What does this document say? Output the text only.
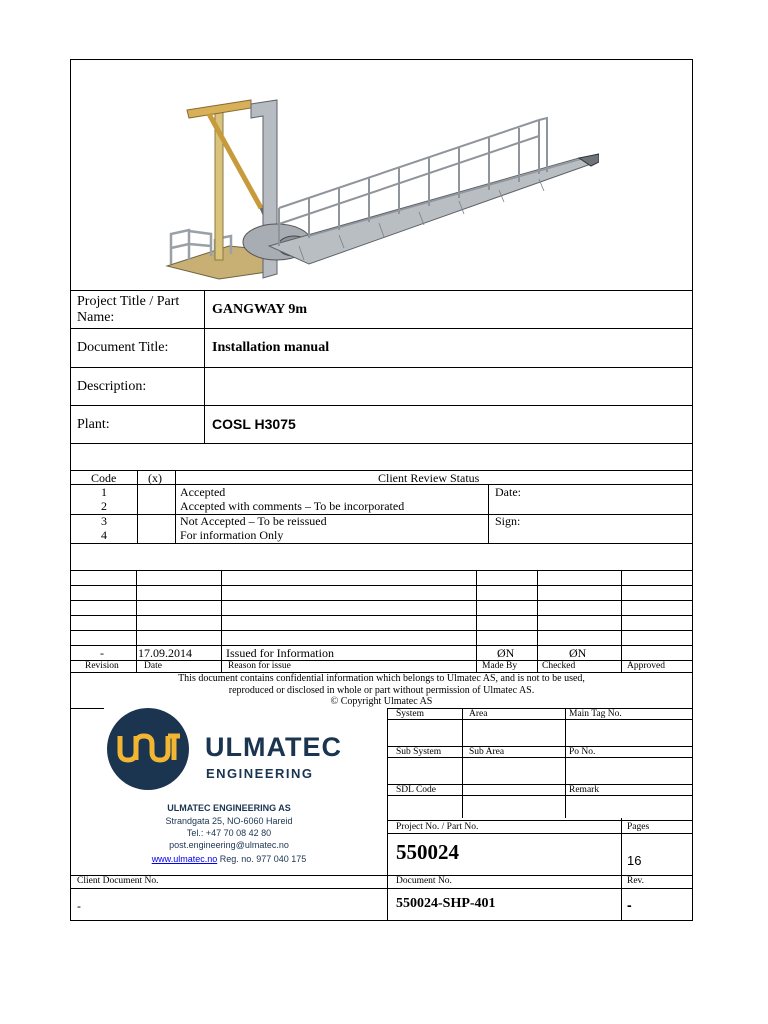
Project Title / Part Name:
GANGWAY 9m
Document Title:	Installation manual
Description:
Plant:	COSL H3075
Code	(x)	Client Review Status
1	Accepted
2	Accepted with comments – To be incorporated
3	Not Accepted – To be reissued
4	For information Only
Date:
Sign:
-	17.09.2014	Issued for Information	ØN	ØN
Revision	Date	Reason for issue	Made By	Checked	Approved
This document contains confidential information which belongs to Ulmatec AS, and is not to be used,
reproduced or disclosed in whole or part without permission of Ulmatec AS.
© Copyright Ulmatec AS
ULMATEC
ENGINEERING
ULMATEC ENGINEERING AS
Strandgata 25, NO-6060 Hareid
Tel.: +47 70 08 42 80
post.engineering@ulmatec.no
www.ulmatec.no Reg. no. 977 040 175
System	Area	Main Tag No.
Sub System	Sub Area	Po No.
SDL Code	Remark
Project No. / Part No.
550024
Pages
16
Client Document No.
-
Document No.
550024-SHP-401
Rev.
-
